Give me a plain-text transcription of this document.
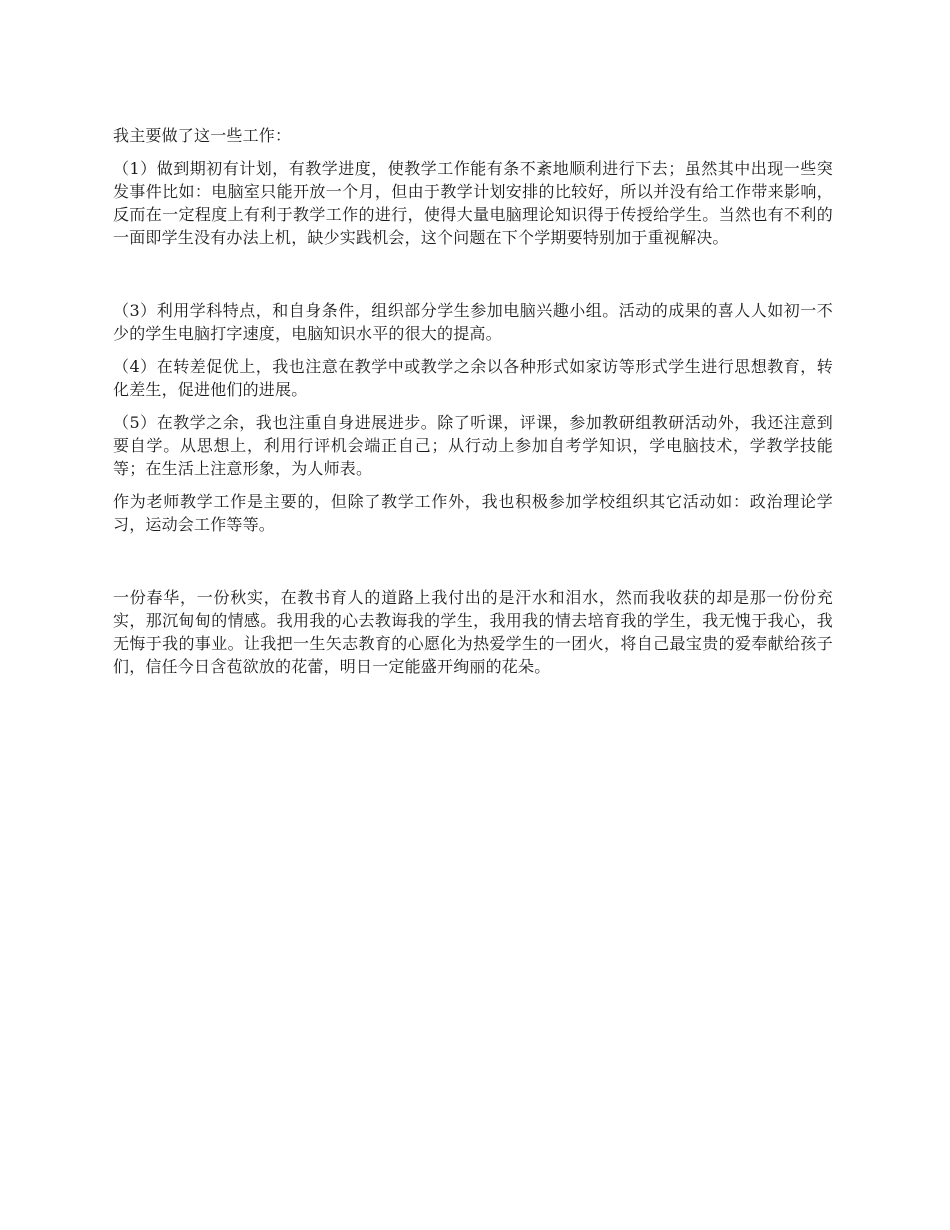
我主要做了这一些工作：

（1）做到期初有计划，有教学进度，使教学工作能有条不紊地顺利进行下去；虽然其中出现一些突发事件比如：电脑室只能开放一个月，但由于教学计划安排的比较好，所以并没有给工作带来影响，反而在一定程度上有利于教学工作的进行，使得大量电脑理论知识得于传授给学生。当然也有不利的一面即学生没有办法上机，缺少实践机会，这个问题在下个学期要特别加于重视解决。

（3）利用学科特点，和自身条件，组织部分学生参加电脑兴趣小组。活动的成果的喜人人如初一不少的学生电脑打字速度，电脑知识水平的很大的提高。

（4）在转差促优上，我也注意在教学中或教学之余以各种形式如家访等形式学生进行思想教育，转化差生，促进他们的进展。

（5）在教学之余，我也注重自身进展进步。除了听课，评课，参加教研组教研活动外，我还注意到要自学。从思想上，利用行评机会端正自己；从行动上参加自考学知识，学电脑技术，学教学技能等；在生活上注意形象，为人师表。

作为老师教学工作是主要的，但除了教学工作外，我也积极参加学校组织其它活动如：政治理论学习，运动会工作等等。

一份春华，一份秋实，在教书育人的道路上我付出的是汗水和泪水，然而我收获的却是那一份份充实，那沉甸甸的情感。我用我的心去教诲我的学生，我用我的情去培育我的学生，我无愧于我心，我无悔于我的事业。让我把一生矢志教育的心愿化为热爱学生的一团火，将自己最宝贵的爱奉献给孩子们，信任今日含苞欲放的花蕾，明日一定能盛开绚丽的花朵。
